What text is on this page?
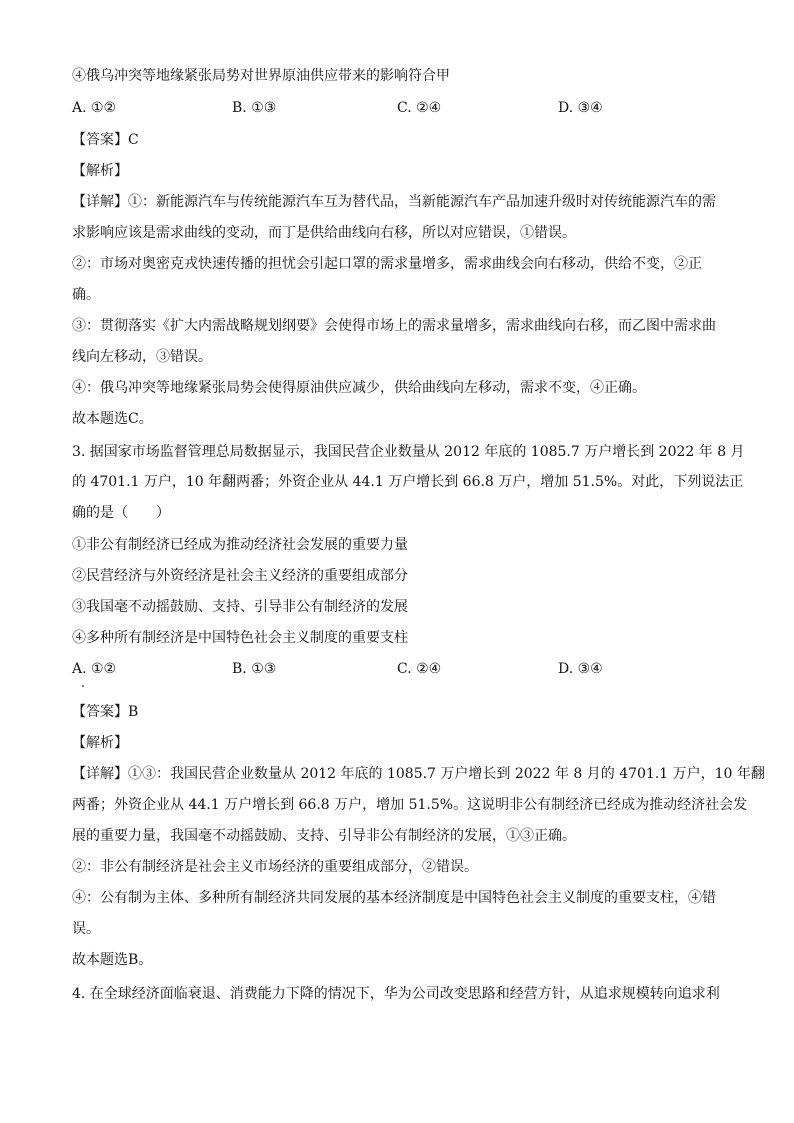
④俄乌冲突等地缘紧张局势对世界原油供应带来的影响符合甲
A. ①②	B. ①③	C. ②④	D. ③④
【答案】C
【解析】
【详解】①：新能源汽车与传统能源汽车互为替代品，当新能源汽车产品加速升级时对传统能源汽车的需
求影响应该是需求曲线的变动，而丁是供给曲线向右移，所以对应错误，①错误。
②：市场对奥密克戎快速传播的担忧会引起口罩的需求量增多，需求曲线会向右移动，供给不变，②正
确。
③：贯彻落实《扩大内需战略规划纲要》会使得市场上的需求量增多，需求曲线向右移，而乙图中需求曲
线向左移动，③错误。
④：俄乌冲突等地缘紧张局势会使得原油供应减少，供给曲线向左移动，需求不变，④正确。
故本题选C。
3. 据国家市场监督管理总局数据显示，我国民营企业数量从 2012 年底的 1085.7 万户增长到 2022 年 8 月
的 4701.1 万户，10 年翻两番；外资企业从 44.1 万户增长到 66.8 万户，增加 51.5%。对此，下列说法正
确的是（　　）
①非公有制经济已经成为推动经济社会发展的重要力量
②民营经济与外资经济是社会主义经济的重要组成部分
③我国毫不动摇鼓励、支持、引导非公有制经济的发展
④多种所有制经济是中国特色社会主义制度的重要支柱
A. ①②	B. ①③	C. ②④	D. ③④
【答案】B
【解析】
【详解】①③：我国民营企业数量从 2012 年底的 1085.7 万户增长到 2022 年 8 月的 4701.1 万户，10 年翻
两番；外资企业从 44.1 万户增长到 66.8 万户，增加 51.5%。这说明非公有制经济已经成为推动经济社会发
展的重要力量，我国毫不动摇鼓励、支持、引导非公有制经济的发展，①③正确。
②：非公有制经济是社会主义市场经济的重要组成部分，②错误。
④：公有制为主体、多种所有制经济共同发展的基本经济制度是中国特色社会主义制度的重要支柱，④错
误。
故本题选B。
4. 在全球经济面临衰退、消费能力下降的情况下，华为公司改变思路和经营方针，从追求规模转向追求利
